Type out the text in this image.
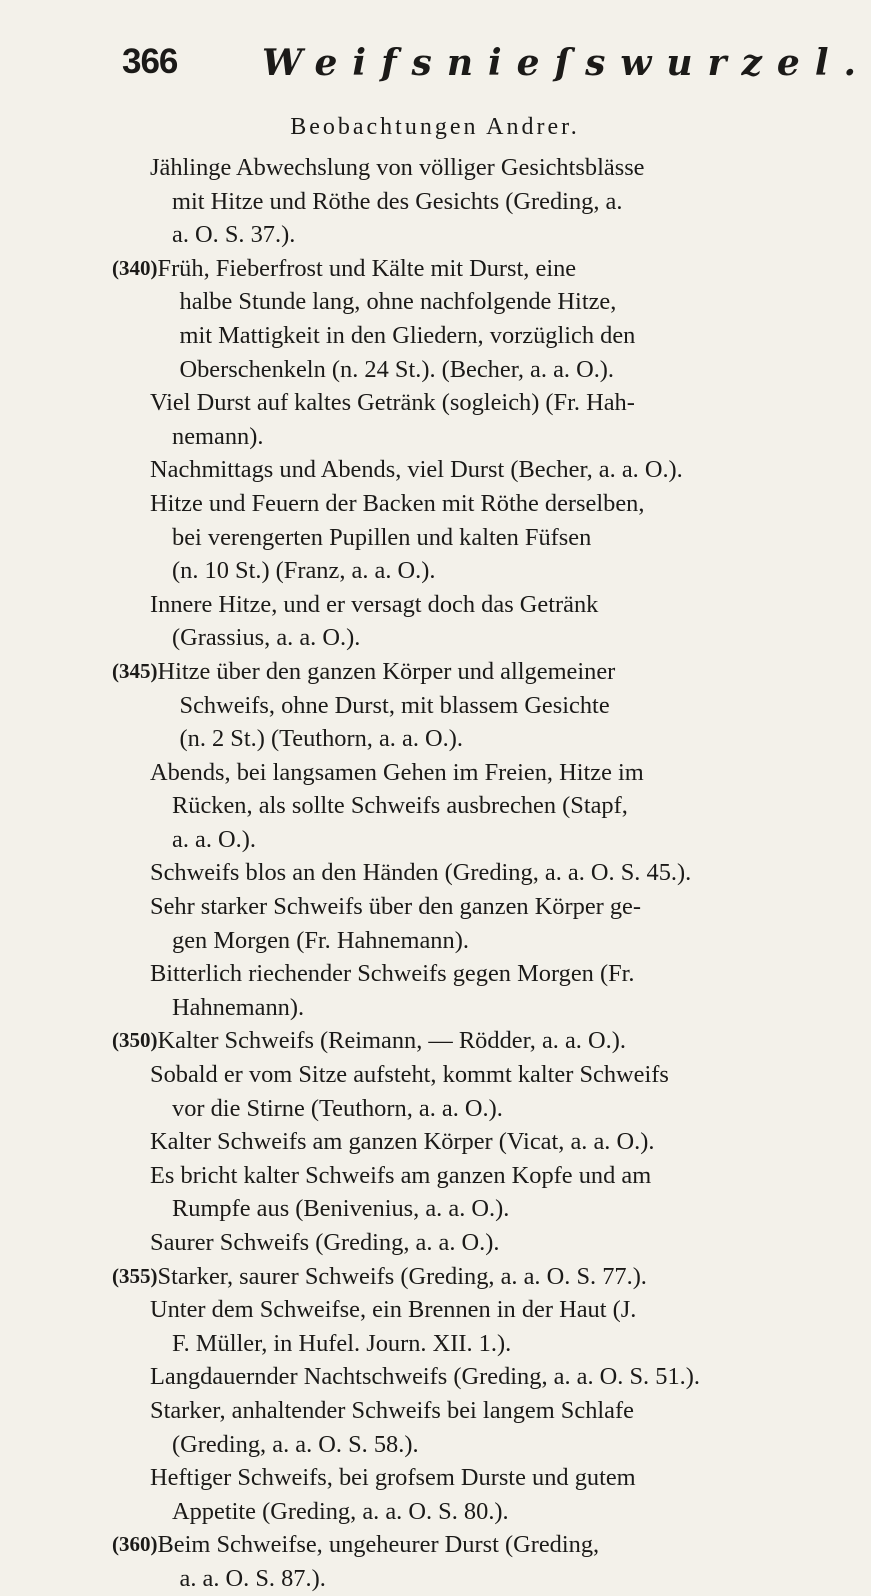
366 Weifsnieſswurzel.
Beobachtungen Andrer.
Jählinge Abwechslung von völliger Gesichtsblässe
mit Hitze und Röthe des Gesichts (Greding, a.
a. O. S. 37.).
(340) Früh, Fieberfrost und Kälte mit Durst, eine
halbe Stunde lang, ohne nachfolgende Hitze,
mit Mattigkeit in den Gliedern, vorzüglich den
Oberschenkeln (n. 24 St.). (Becher, a. a. O.).
Viel Durst auf kaltes Getränk (sogleich) (Fr. Hah-
nemann).
Nachmittags und Abends, viel Durst (Becher, a. a. O.).
Hitze und Feuern der Backen mit Röthe derselben,
bei verengerten Pupillen und kalten Füfsen
(n. 10 St.) (Franz, a. a. O.).
Innere Hitze, und er versagt doch das Getränk
(Grassius, a. a. O.).
(345) Hitze über den ganzen Körper und allgemeiner
Schweifs, ohne Durst, mit blassem Gesichte
(n. 2 St.) (Teuthorn, a. a. O.).
Abends, bei langsamen Gehen im Freien, Hitze im
Rücken, als sollte Schweifs ausbrechen (Stapf,
a. a. O.).
Schweifs blos an den Händen (Greding, a. a. O. S. 45.).
Sehr starker Schweifs über den ganzen Körper ge-
gen Morgen (Fr. Hahnemann).
Bitterlich riechender Schweifs gegen Morgen (Fr.
Hahnemann).
(350) Kalter Schweifs (Reimann, — Rödder, a. a. O.).
Sobald er vom Sitze aufsteht, kommt kalter Schweifs
vor die Stirne (Teuthorn, a. a. O.).
Kalter Schweifs am ganzen Körper (Vicat, a. a. O.).
Es bricht kalter Schweifs am ganzen Kopfe und am
Rumpfe aus (Benivenius, a. a. O.).
Saurer Schweifs (Greding, a. a. O.).
(355) Starker, saurer Schweifs (Greding, a. a. O. S. 77.).
Unter dem Schweifse, ein Brennen in der Haut (J.
F. Müller, in Hufel. Journ. XII. 1.).
Langdauernder Nachtschweifs (Greding, a. a. O. S. 51.).
Starker, anhaltender Schweifs bei langem Schlafe
(Greding, a. a. O. S. 58.).
Heftiger Schweifs, bei grofsem Durste und gutem
Appetite (Greding, a. a. O. S. 80.).
(360) Beim Schweifse, ungeheurer Durst (Greding,
a. a. O. S. 87.).
